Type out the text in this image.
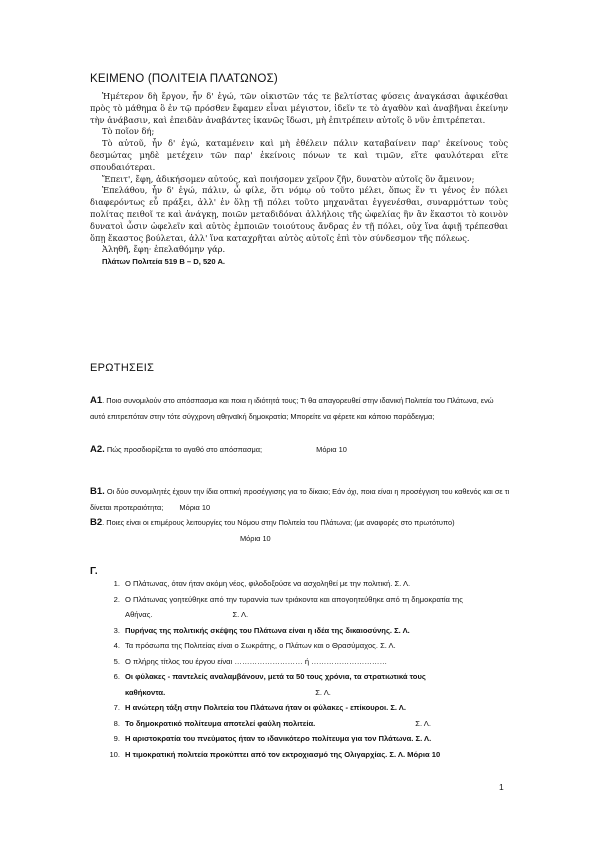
ΚΕΙΜΕΝΟ (ΠΟΛΙΤΕΙΑ ΠΛΑΤΩΝΟΣ)

Ἡμέτερον δὴ ἔργον, ἦν δ' ἐγώ, τῶν οἰκιστῶν τάς τε βελτίστας φύσεις ἀναγκάσαι ἀφικέσθαι πρὸς τὸ μάθημα ὃ ἐν τῷ πρόσθεν ἔφαμεν εἶναι μέγιστον, ἰδεῖν τε τὸ ἀγαθὸν καὶ ἀναβῆναι ἐκείνην τὴν ἀνάβασιν, καὶ ἐπειδὰν ἀναβάντες ἱκανῶς ἴδωσι, μὴ ἐπιτρέπειν αὐτοῖς ὃ νῦν ἐπιτρέπεται.

Τὸ ποῖον δή;

Τὸ αὐτοῦ, ἦν δ' ἐγώ, καταμένειν καὶ μὴ ἐθέλειν πάλιν καταβαίνειν παρ' ἐκείνους τοὺς δεσμώτας μηδὲ μετέχειν τῶν παρ' ἐκείνοις πόνων τε καὶ τιμῶν, εἴτε φαυλότεραι εἴτε σπουδαιότεραι.

Ἔπειτ', ἔφη, ἀδικήσομεν αὐτούς, καὶ ποιήσομεν χεῖρον ζῆν, δυνατὸν αὐτοῖς ὂν ἄμεινον;

Ἐπελάθου, ἦν δ' ἐγώ, πάλιν, ὦ φίλε, ὅτι νόμῳ οὐ τοῦτο μέλει, ὅπως ἕν τι γένος ἐν πόλει διαφερόντως εὖ πράξει, ἀλλ' ἐν ὅλῃ τῇ πόλει τοῦτο μηχανᾶται ἐγγενέσθαι, συναρμόττων τοὺς πολίτας πειθοῖ τε καὶ ἀνάγκῃ, ποιῶν μεταδιδόναι ἀλλήλοις τῆς ὠφελίας ἣν ἂν ἕκαστοι τὸ κοινὸν δυνατοὶ ὦσιν ὠφελεῖν καὶ αὐτὸς ἐμποιῶν τοιούτους ἄνδρας ἐν τῇ πόλει, οὐχ ἵνα ἀφιῇ τρέπεσθαι ὅπῃ ἕκαστος βούλεται, ἀλλ' ἵνα καταχρῆται αὐτὸς αὐτοῖς ἐπὶ τὸν σύνδεσμον τῆς πόλεως.

Ἀληθῆ, ἔφη· ἐπελαθόμην γάρ.

Πλάτων Πολιτεία 519 Β – D, 520 A.
ΕΡΩΤΗΣΕΙΣ
Α1. Ποιο συνομιλούν στο απόσπασμα και ποια η ιδιότητά τους; Τι θα απαγορευθεί στην ιδανική Πολιτεία του Πλάτωνα, ενώ αυτό επιτρεπόταν στην τότε σύγχρονη αθηναϊκή δημοκρατία; Μπορείτε να φέρετε και κάποιο παράδειγμα;
Α2. Πώς προσδιορίζεται το αγαθό στο απόσπασμα;	Μόρια 10
Β1. Οι δύο συνομιλητές έχουν την ίδια οπτική προσέγγισης για το δίκαιο; Εάν όχι, ποια είναι η προσέγγιση του καθενός και σε τι δίνεται προτεραιότητα; Μόρια 10
Β2. Ποιες είναι οι επιμέρους λειτουργίες του Νόμου στην Πολιτεία του Πλάτωνα; (με αναφορές στο πρωτότυπο) Μόρια 10
Γ.
1. Ο Πλάτωνας, όταν ήταν ακόμη νέος, φιλοδοξούσε να ασχοληθεί με την πολιτική. Σ. Λ.
2. Ο Πλάτωνας γοητεύθηκε από την τυραννία των τριάκοντα και απογοητεύθηκε από τη δημοκρατία της Αθήνας.	Σ. Λ.
3. Πυρήνας της πολιτικής σκέψης του Πλάτωνα είναι η ιδέα της δικαιοσύνης. Σ. Λ.
4. Τα πρόσωπα της Πολιτείας είναι ο Σωκράτης, ο Πλάτων και ο Θρασύμαχος. Σ. Λ.
5. Ο πλήρης τίτλος του έργου είναι ……………………… ή …………………………
6. Οι φύλακες - παντελείς αναλαμβάνουν, μετά τα 50 τους χρόνια, τα στρατιωτικά τους καθήκοντα.	Σ. Λ.
7. Η ανώτερη τάξη στην Πολιτεία του Πλάτωνα ήταν οι φύλακες - επίκουροι. Σ. Λ.
8. Το δημοκρατικό πολίτευμα αποτελεί φαύλη πολιτεία.	Σ. Λ.
9. Η αριστοκρατία του πνεύματος ήταν το ιδανικότερο πολίτευμα για τον Πλάτωνα. Σ. Λ.
10. Η τιμοκρατική πολιτεία προκύπτει από τον εκτροχιασμό της Ολιγαρχίας. Σ. Λ. Μόρια 10
1
